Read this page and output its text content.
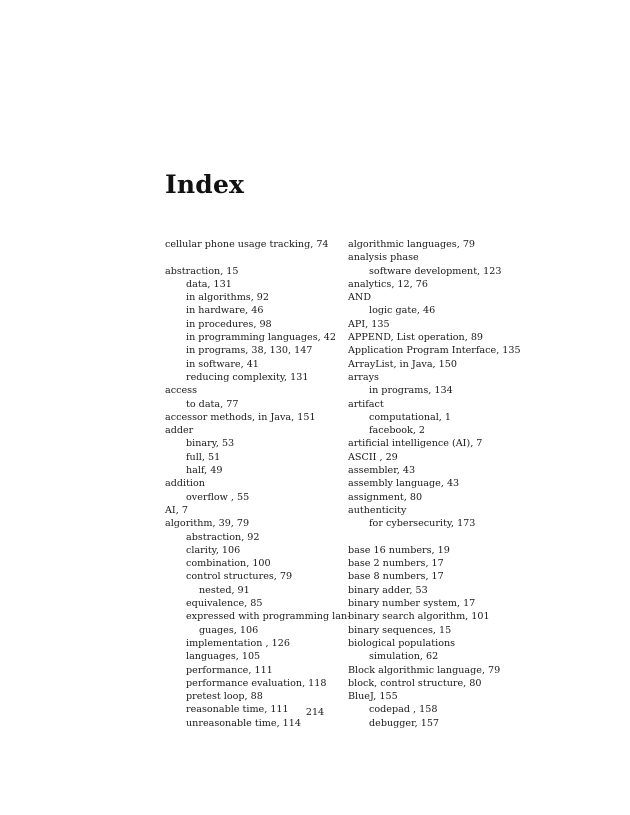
Index
cellular phone usage tracking, 74
abstraction, 15
data, 131
in algorithms, 92
in hardware, 46
in procedures, 98
in programming languages, 42
in programs, 38, 130, 147
in software, 41
reducing complexity, 131
access
to data, 77
accessor methods, in Java, 151
adder
binary, 53
full, 51
half, 49
addition
overflow , 55
AI, 7
algorithm, 39, 79
abstraction, 92
clarity, 106
combination, 100
control structures, 79
nested, 91
equivalence, 85
expressed with programming lan-
guages, 106
implementation , 126
languages, 105
performance, 111
performance evaluation, 118
pretest loop, 88
reasonable time, 111
unreasonable time, 114
algorithmic languages, 79
analysis phase
software development, 123
analytics, 12, 76
AND
logic gate, 46
API, 135
APPEND, List operation, 89
Application Program Interface, 135
ArrayList, in Java, 150
arrays
in programs, 134
artifact
computational, 1
facebook, 2
artificial intelligence (AI), 7
ASCII , 29
assembler, 43
assembly language, 43
assignment, 80
authenticity
for cybersecurity, 173
base 16 numbers, 19
base 2 numbers, 17
base 8 numbers, 17
binary adder, 53
binary number system, 17
binary search algorithm, 101
binary sequences, 15
biological populations
simulation, 62
Block algorithmic language, 79
block, control structure, 80
BlueJ, 155
codepad , 158
debugger, 157
214
